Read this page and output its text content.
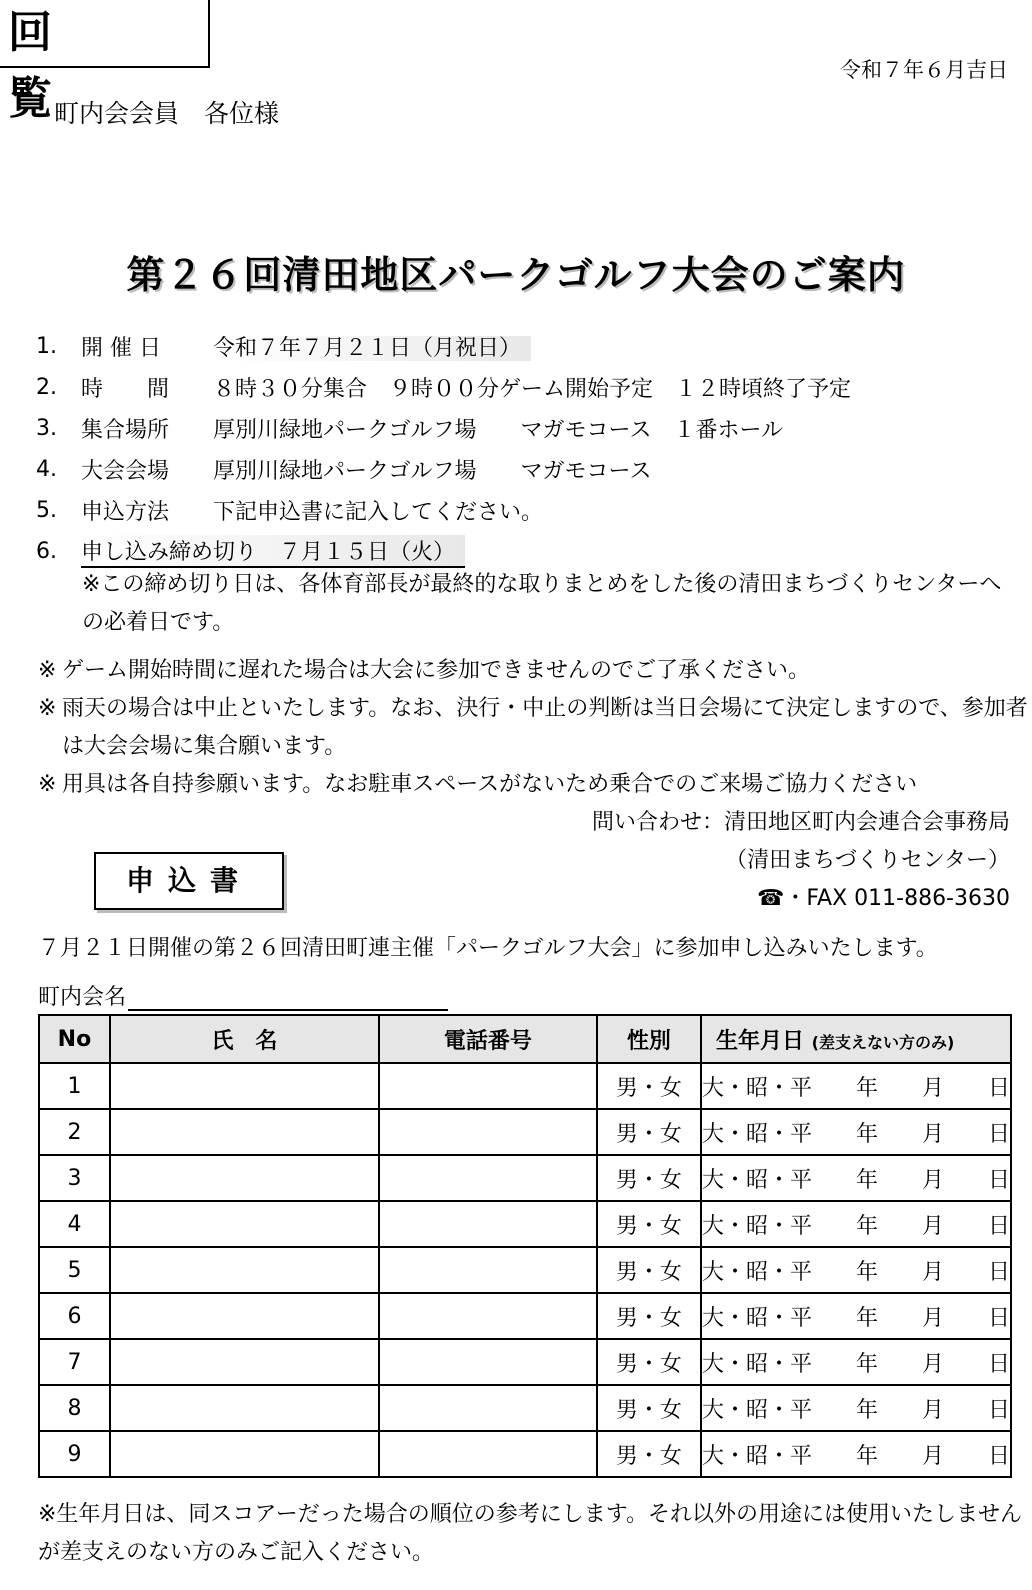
回覧
令和７年６月吉日
町内会会員　各位様
第２６回清田地区パークゴルフ大会のご案内
1.	開 催 日	令和７年７月２１日（月祝日）
2.	時　　間	８時３０分集合　９時００分ゲーム開始予定　１２時頃終了予定
3.	集合場所	厚別川緑地パークゴルフ場　　マガモコース　１番ホール
4.	大会会場	厚別川緑地パークゴルフ場　　マガモコース
5.	申込方法	下記申込書に記入してください。
6.	申し込み締め切り　 ７月１５日（火）
※この締め切り日は、各体育部長が最終的な取りまとめをした後の清田まちづくりセンターへの必着日です。
※ ゲーム開始時間に遅れた場合は大会に参加できませんのでご了承ください。
※ 雨天の場合は中止といたします。なお、決行・中止の判断は当日会場にて決定しますので、参加者は大会会場に集合願います。
※ 用具は各自持参願います。なお駐車スペースがないため乗合でのご来場ご協力ください
問い合わせ：清田地区町内会連合会事務局
（清田まちづくりセンター）
申込書
☎・FAX 011-886-3630
７月２１日開催の第２６回清田町連主催「パークゴルフ大会」に参加申し込みいたします。
町内会名
No	氏　名	電話番号	性別	生年月日 (差支えない方のみ)
1			男・女	大・昭・平　　年　　月　　日
2			男・女	大・昭・平　　年　　月　　日
3			男・女	大・昭・平　　年　　月　　日
4			男・女	大・昭・平　　年　　月　　日
5			男・女	大・昭・平　　年　　月　　日
6			男・女	大・昭・平　　年　　月　　日
7			男・女	大・昭・平　　年　　月　　日
8			男・女	大・昭・平　　年　　月　　日
9			男・女	大・昭・平　　年　　月　　日
※生年月日は、同スコアーだった場合の順位の参考にします。それ以外の用途には使用いたしませんが差支えのない方のみご記入ください。
